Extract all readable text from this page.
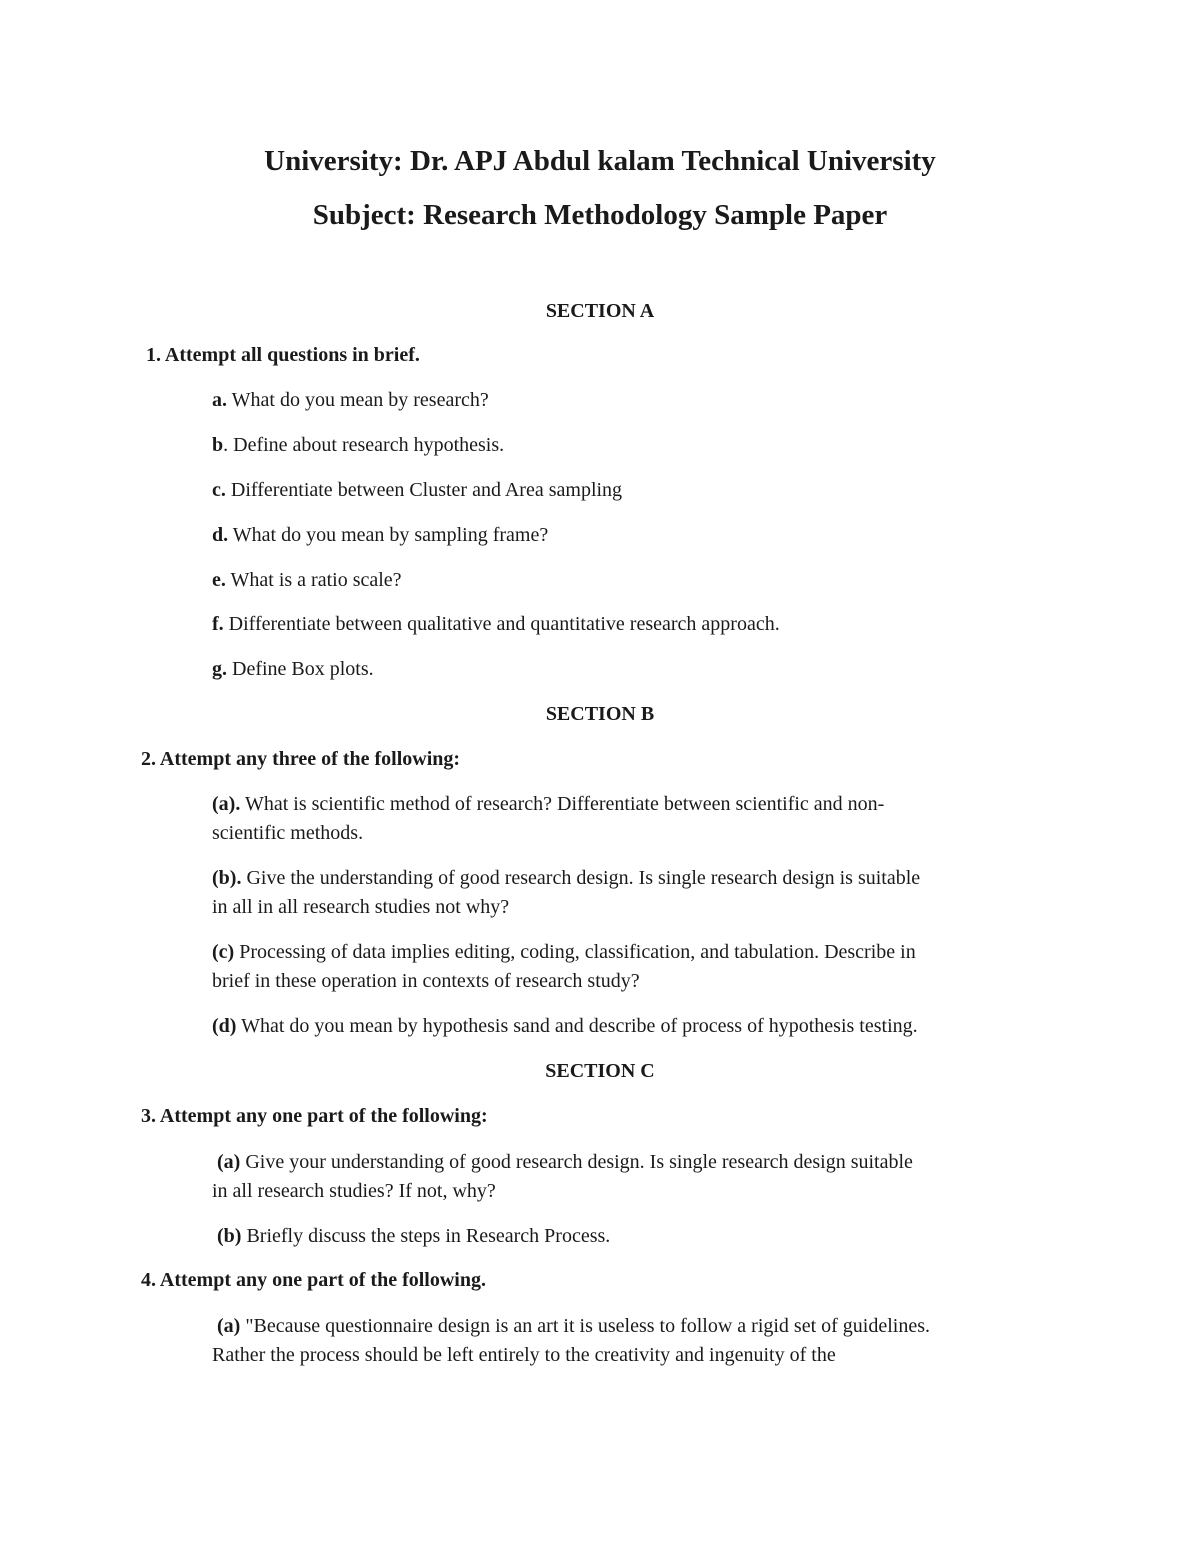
University: Dr. APJ Abdul kalam Technical University
Subject: Research Methodology Sample Paper
SECTION A
1. Attempt all questions in brief.
a. What do you mean by research?
b. Define about research hypothesis.
c. Differentiate between Cluster and Area sampling
d. What do you mean by sampling frame?
e. What is a ratio scale?
f. Differentiate between qualitative and quantitative research approach.
g. Define Box plots.
SECTION B
2. Attempt any three of the following:
(a). What is scientific method of research? Differentiate between scientific and non-
scientific methods.
(b). Give the understanding of good research design. Is single research design is suitable
in all in all research studies not why?
(c) Processing of data implies editing, coding, classification, and tabulation. Describe in
brief in these operation in contexts of research study?
(d) What do you mean by hypothesis sand and describe of process of hypothesis testing.
SECTION C
3. Attempt any one part of the following:
(a) Give your understanding of good research design. Is single research design suitable
in all research studies? If not, why?
(b) Briefly discuss the steps in Research Process.
4. Attempt any one part of the following.
(a) "Because questionnaire design is an art it is useless to follow a rigid set of guidelines.
Rather the process should be left entirely to the creativity and ingenuity of the
